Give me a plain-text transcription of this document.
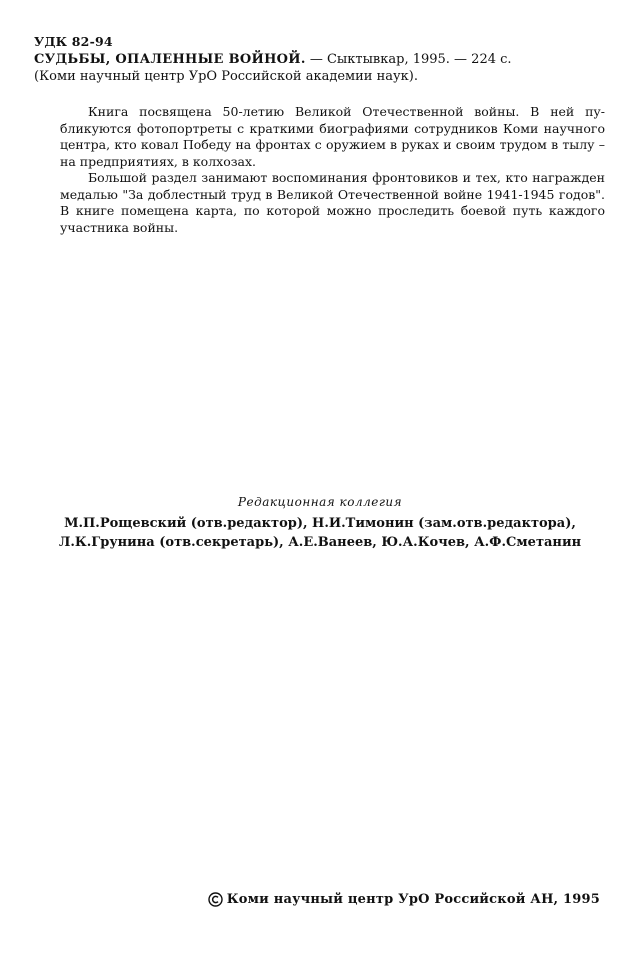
УДК 82-94
СУДЬБЫ, ОПАЛЕННЫЕ ВОЙНОЙ. — Сыктывкар, 1995. — 224 с.
(Коми научный центр УрО Российской академии наук).

Книга посвящена 50-летию Великой Отечественной войны. В ней публикуются фотопортреты с краткими биографиями сотрудников Коми научного центра, кто ковал Победу на фронтах с оружием в руках и своим трудом в тылу – на предприятиях, в колхозах.

Большой раздел занимают воспоминания фронтовиков и тех, кто награжден медалью "За доблестный труд в Великой Отечественной войне 1941-1945 годов". В книге помещена карта, по которой можно проследить боевой путь каждого участника войны.

Редакционная коллегия
М.П.Рощевский (отв.редактор), Н.И.Тимонин (зам.отв.редактора),
Л.К.Грунина (отв.секретарь), А.Е.Ванеев, Ю.А.Кочев, А.Ф.Сметанин
Коми научный центр УрО Российской АН, 1995
